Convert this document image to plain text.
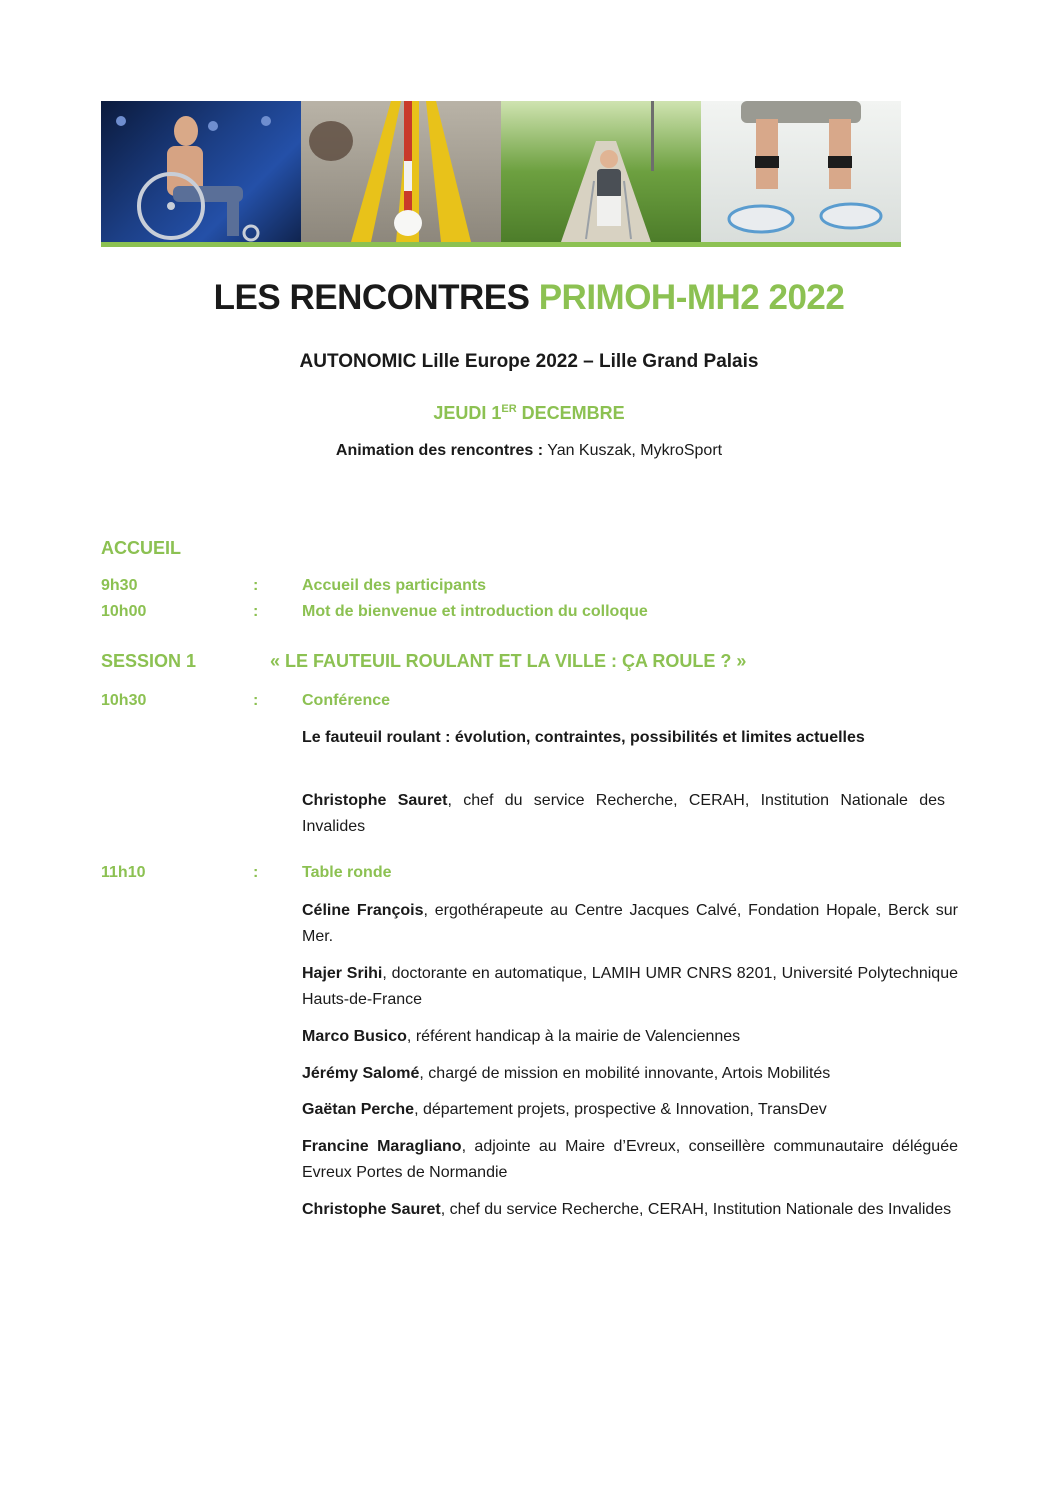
LES RENCONTRES PRIMOH-MH2 2022
AUTONOMIC Lille Europe 2022 – Lille Grand Palais
JEUDI 1ER DECEMBRE
Animation des rencontres : Yan Kuszak, MykroSport
ACCUEIL
9h30	:	Accueil des participants
10h00	:	Mot de bienvenue et introduction du colloque
SESSION 1	« LE FAUTEUIL ROULANT ET LA VILLE : ÇA ROULE ? »
10h30	:	Conférence
Le fauteuil roulant : évolution, contraintes, possibilités et limites actuelles
Christophe Sauret, chef du service Recherche, CERAH, Institution Nationale des Invalides
11h10	:	Table ronde
Céline François, ergothérapeute au Centre Jacques Calvé, Fondation Hopale, Berck sur Mer.
Hajer Srihi, doctorante en automatique, LAMIH UMR CNRS 8201, Université Polytechnique Hauts-de-France
Marco Busico, référent handicap à la mairie de Valenciennes
Jérémy Salomé, chargé de mission en mobilité innovante, Artois Mobilités
Gaëtan Perche, département projets, prospective & Innovation, TransDev
Francine Maragliano, adjointe au Maire d’Evreux, conseillère communautaire déléguée Evreux Portes de Normandie
Christophe Sauret, chef du service Recherche, CERAH, Institution Nationale des Invalides
